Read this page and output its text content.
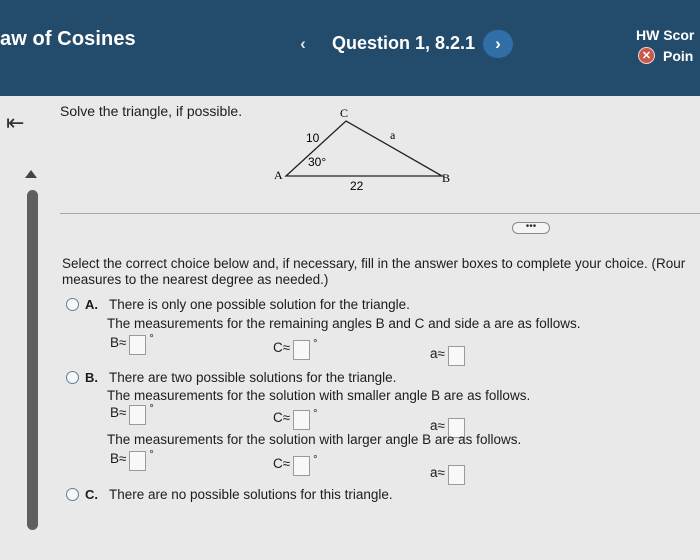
aw of Cosines	‹ Question 1, 8.2.1 ›	HW Scor
✕ Poin
⇤	Solve the triangle, if possible.	C
A	B
10	a
22
30°
•••
Select the correct choice below and, if necessary, fill in the answer boxes to complete your choice. (Rour
measures to the nearest degree as needed.)
A. There is only one possible solution for the triangle.
The measurements for the remaining angles B and C and side a are as follows.
B≈ °
C≈ °
a≈
B. There are two possible solutions for the triangle.
The measurements for the solution with smaller angle B are as follows.
B≈ °
C≈ °
a≈
The measurements for the solution with larger angle B are as follows.
B≈ °
C≈ °
a≈
C. There are no possible solutions for this triangle.
